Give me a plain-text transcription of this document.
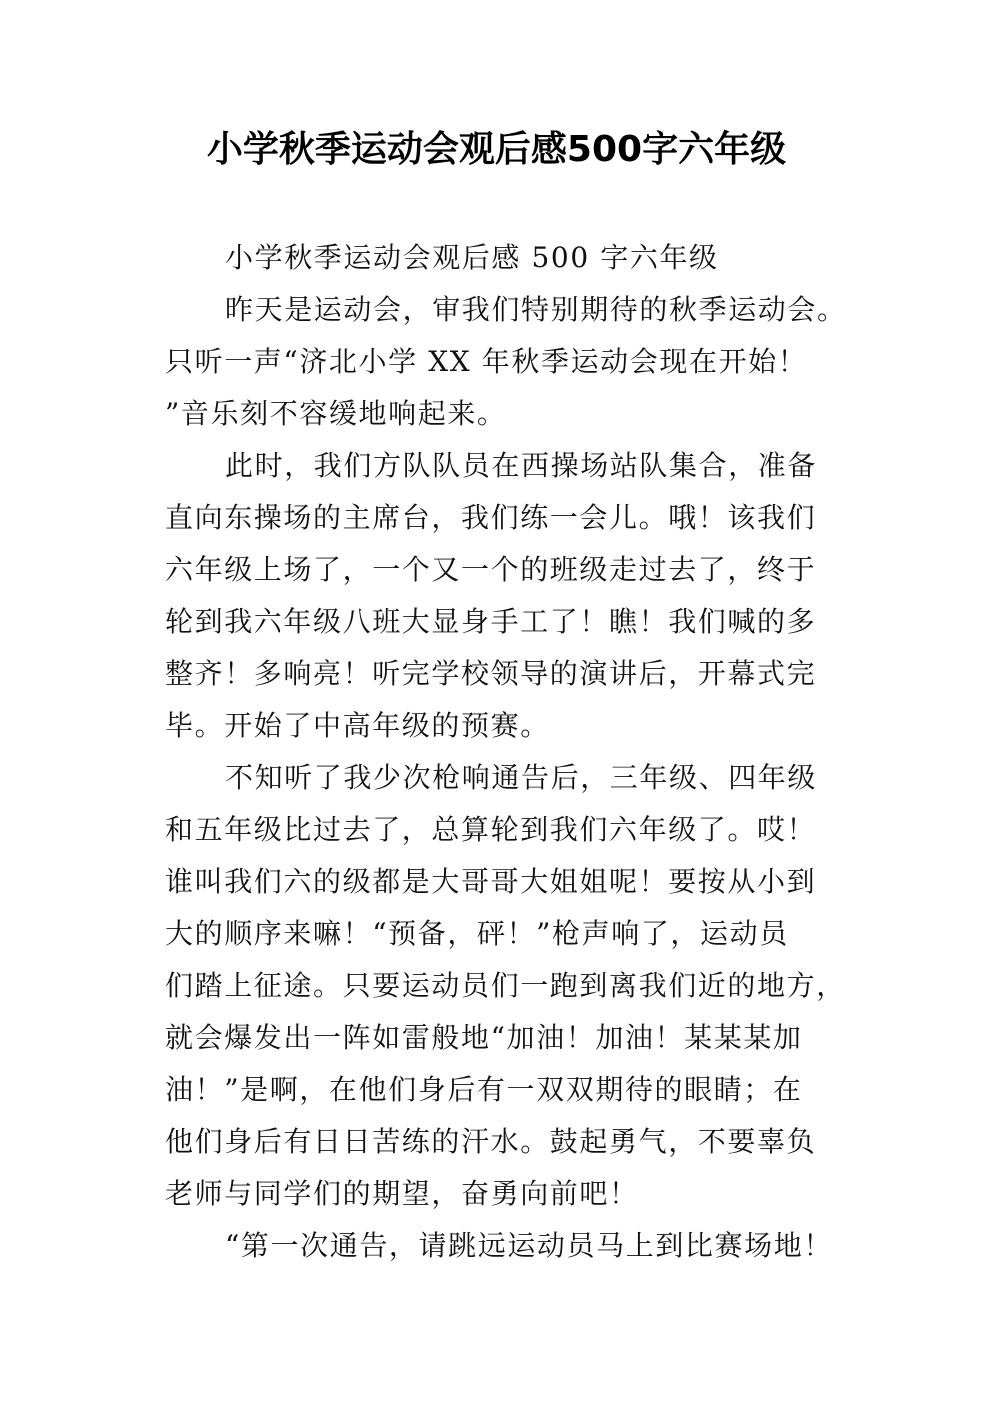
小学秋季运动会观后感500字六年级
小学秋季运动会观后感 500 字六年级
昨天是运动会，审我们特别期待的秋季运动会。
只听一声“济北小学 XX 年秋季运动会现在开始！
”音乐刻不容缓地响起来。
此时，我们方队队员在西操场站队集合，准备
直向东操场的主席台，我们练一会儿。哦！该我们
六年级上场了，一个又一个的班级走过去了，终于
轮到我六年级八班大显身手工了！瞧！我们喊的多
整齐！多响亮！听完学校领导的演讲后，开幕式完
毕。开始了中高年级的预赛。
不知听了我少次枪响通告后，三年级、四年级
和五年级比过去了，总算轮到我们六年级了。哎！
谁叫我们六的级都是大哥哥大姐姐呢！要按从小到
大的顺序来嘛！“预备，砰！”枪声响了，运动员
们踏上征途。只要运动员们一跑到离我们近的地方，
就会爆发出一阵如雷般地“加油！加油！某某某加
油！”是啊，在他们身后有一双双期待的眼睛；在
他们身后有日日苦练的汗水。鼓起勇气，不要辜负
老师与同学们的期望，奋勇向前吧！
“第一次通告，请跳远运动员马上到比赛场地！
